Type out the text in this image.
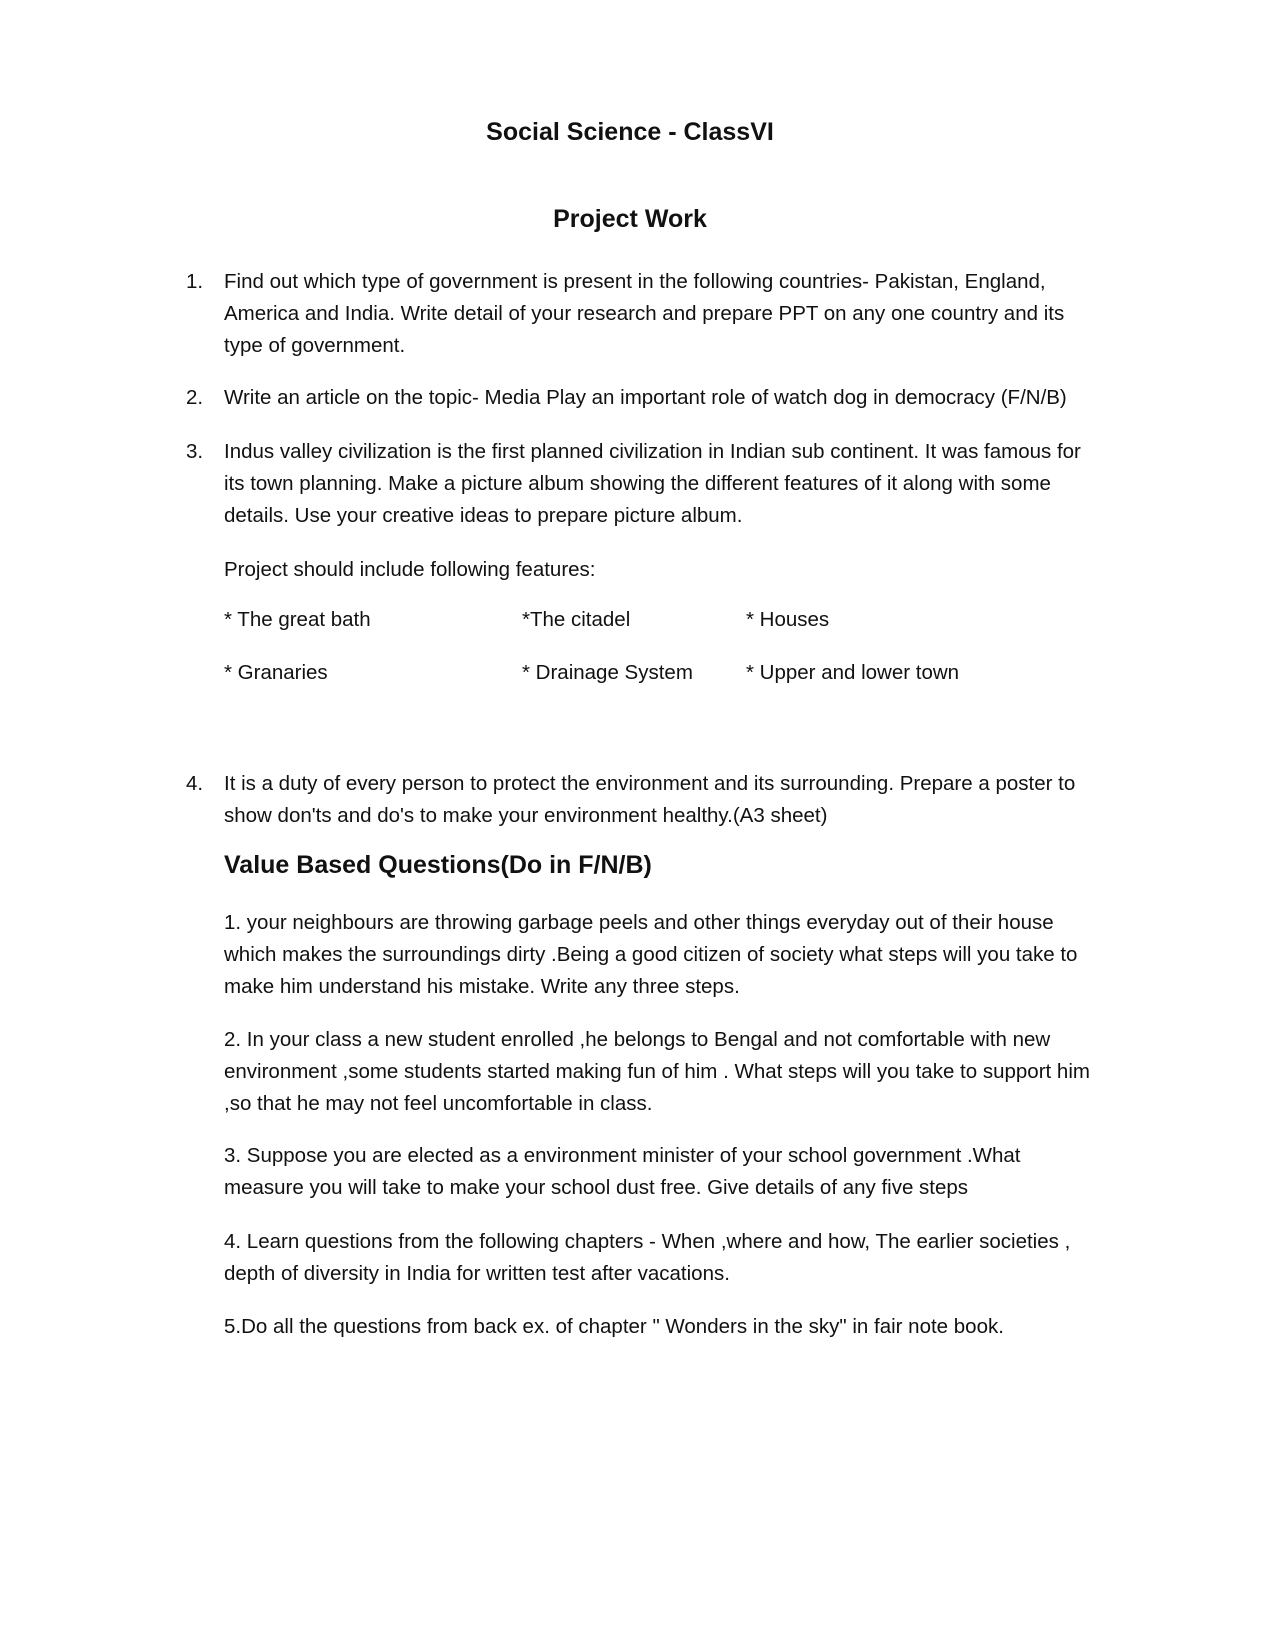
Social Science - ClassVI
Project Work
1. Find out which type of government is present in the following countries- Pakistan, England, America and India. Write detail of your research and prepare PPT on any one country and its type of government.
2. Write an article on the topic- Media Play an important role of watch dog in democracy (F/N/B)
3. Indus valley civilization is the first planned civilization in Indian sub continent. It was famous for its town planning. Make a picture album showing the different features of it along with some details. Use your creative ideas to prepare picture album.

Project should include following features:

* The great bath	*The citadel	* Houses
* Granaries	* Drainage System	* Upper and lower town
4. It is a duty of every person to protect the environment and its surrounding. Prepare a poster to show don'ts and do's to make your environment healthy.(A3 sheet)
Value Based Questions(Do in F/N/B)

1. your neighbours are throwing garbage peels and other things everyday out of their house which makes the surroundings dirty .Being a good citizen of society what steps will you take to make him understand his mistake. Write any three steps.

2. In your class a new student enrolled ,he belongs to Bengal and not comfortable with new environment ,some students started making fun of him . What steps will you take to support him ,so that he may not feel uncomfortable in class.

3. Suppose you are elected as a environment minister of your school government .What measure you will take to make your school dust free. Give details of any five steps

4. Learn questions from the following chapters - When ,where and how, The earlier societies , depth of diversity in India for written test after vacations.

5.Do all the questions from back ex. of chapter " Wonders in the sky" in fair note book.
